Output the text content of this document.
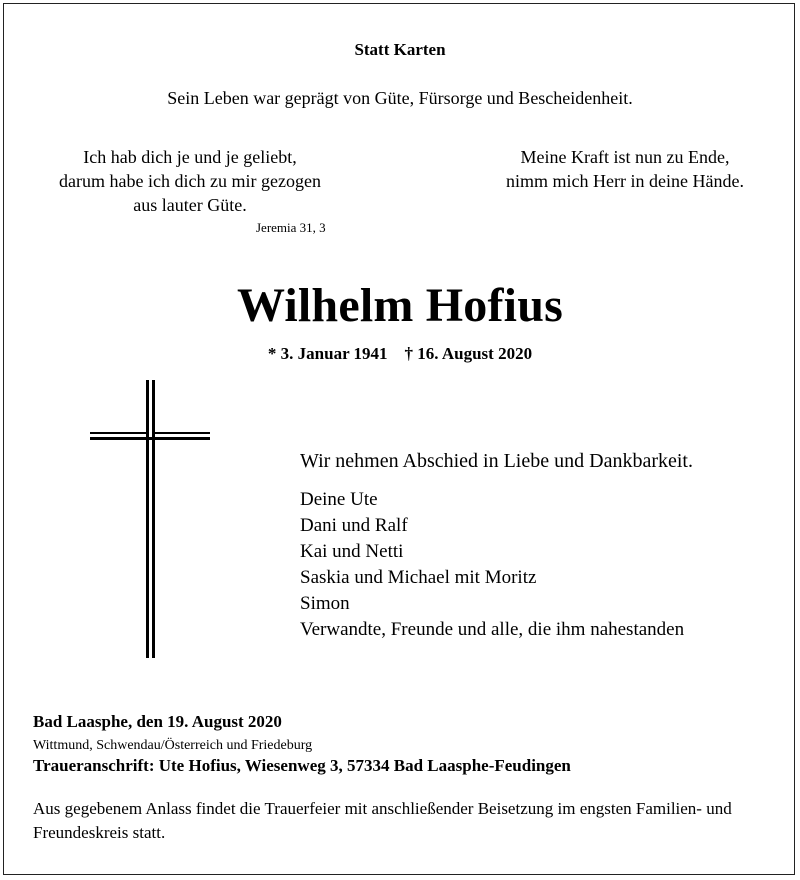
Statt Karten
Sein Leben war geprägt von Güte, Fürsorge und Bescheidenheit.
Ich hab dich je und je geliebt,
darum habe ich dich zu mir gezogen
aus lauter Güte.
Jeremia 31, 3
Meine Kraft ist nun zu Ende,
nimm mich Herr in deine Hände.
Wilhelm Hofius
* 3. Januar 1941    † 16. August 2020
Wir nehmen Abschied in Liebe und Dankbarkeit.
Deine Ute
Dani und Ralf
Kai und Netti
Saskia und Michael mit Moritz
Simon
Verwandte, Freunde und alle, die ihm nahestanden
Bad Laasphe, den 19. August 2020
Wittmund, Schwendau/Österreich und Friedeburg
Traueranschrift: Ute Hofius, Wiesenweg 3, 57334 Bad Laasphe-Feudingen
Aus gegebenem Anlass findet die Trauerfeier mit anschließender Beisetzung im engsten Familien- und Freundeskreis statt.
